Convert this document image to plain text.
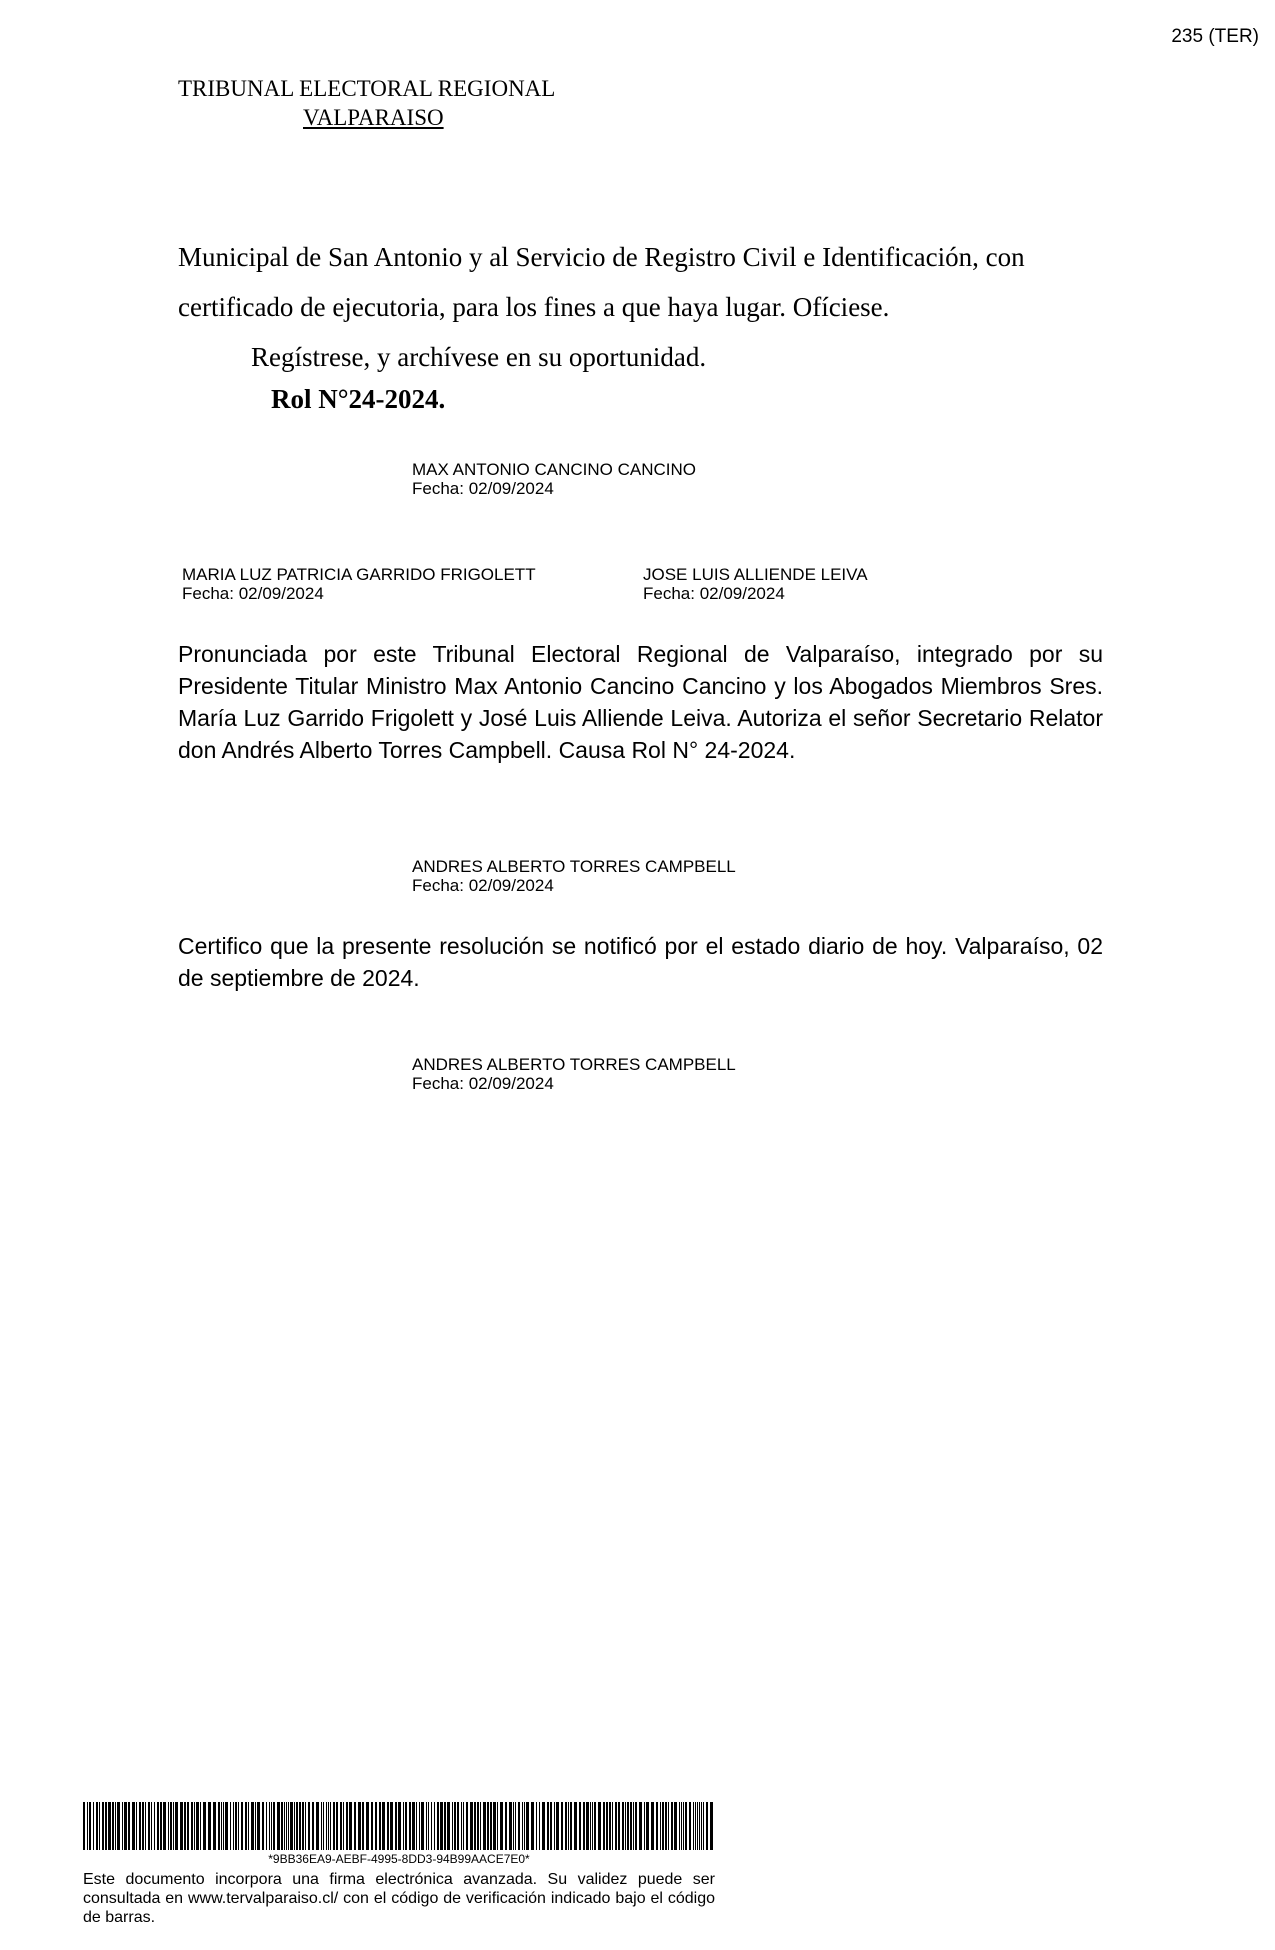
235 (TER)
TRIBUNAL ELECTORAL REGIONAL
VALPARAISO
Municipal de San Antonio y al Servicio de Registro Civil e Identificación, con
certificado de ejecutoria, para los fines a que haya lugar. Ofíciese.
Regístrese, y archívese en su oportunidad.
Rol N°24-2024.
MAX ANTONIO CANCINO CANCINO
Fecha: 02/09/2024
MARIA LUZ PATRICIA GARRIDO FRIGOLETT
Fecha: 02/09/2024
JOSE LUIS ALLIENDE LEIVA
Fecha: 02/09/2024
Pronunciada por este Tribunal Electoral Regional de Valparaíso, integrado por su Presidente Titular Ministro Max Antonio Cancino Cancino y los Abogados Miembros Sres. María Luz Garrido Frigolett y José Luis Alliende Leiva. Autoriza el señor Secretario Relator don Andrés Alberto Torres Campbell. Causa Rol N° 24-2024.
ANDRES ALBERTO TORRES CAMPBELL
Fecha: 02/09/2024
Certifico que la presente resolución se notificó por el estado diario de hoy. Valparaíso, 02 de septiembre de 2024.
ANDRES ALBERTO TORRES CAMPBELL
Fecha: 02/09/2024
*9BB36EA9-AEBF-4995-8DD3-94B99AACE7E0*
Este documento incorpora una firma electrónica avanzada. Su validez puede ser consultada en www.tervalparaiso.cl/ con el código de verificación indicado bajo el código de barras.
